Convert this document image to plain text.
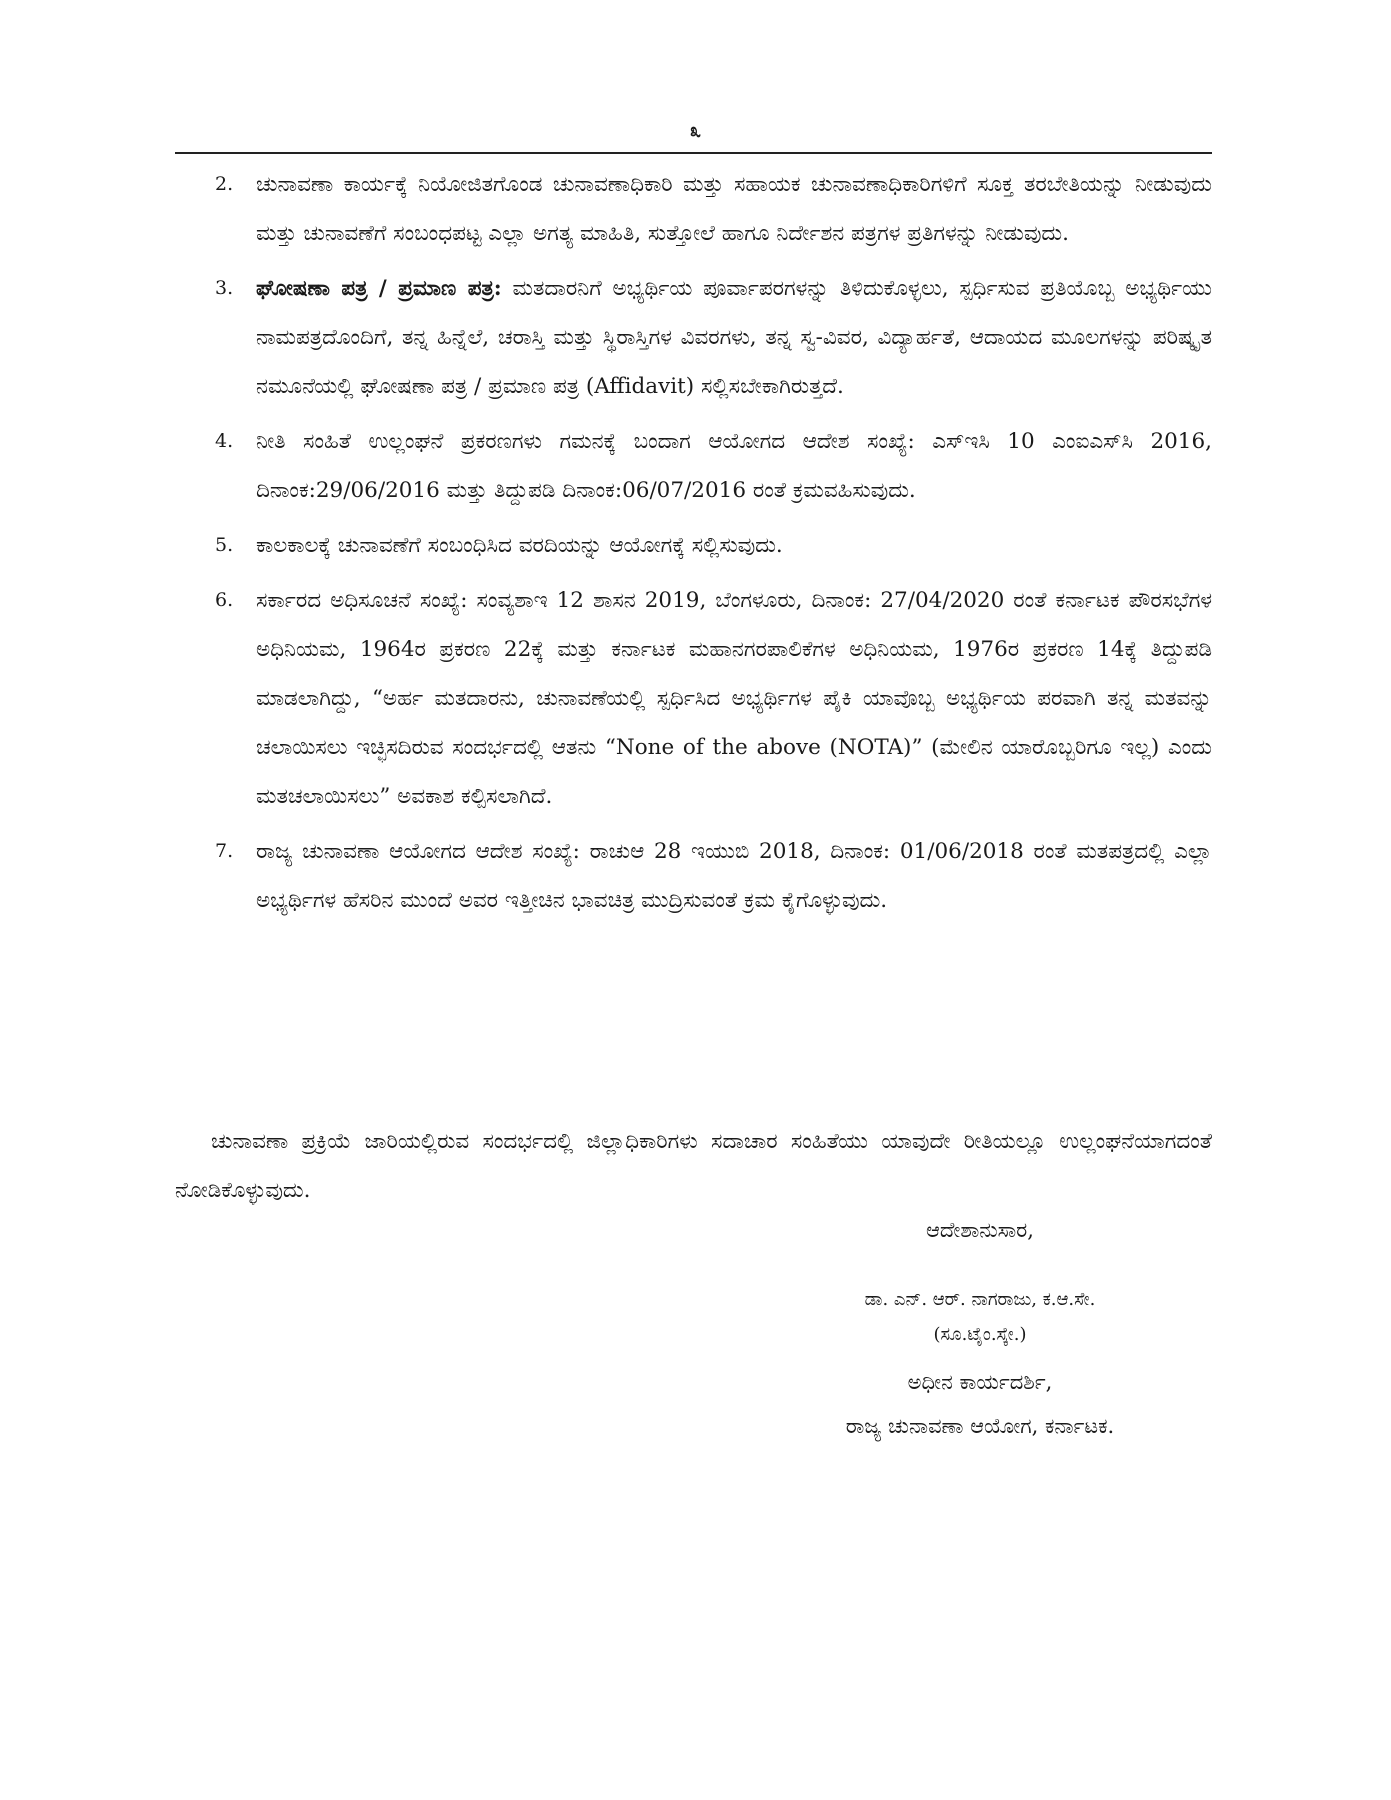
೩
2. ಚುನಾವಣಾ ಕಾರ್ಯಕ್ಕೆ ನಿಯೋಜಿತಗೊಂಡ ಚುನಾವಣಾಧಿಕಾರಿ ಮತ್ತು ಸಹಾಯಕ ಚುನಾವಣಾಧಿಕಾರಿಗಳಿಗೆ ಸೂಕ್ತ ತರಬೇತಿಯನ್ನು ನೀಡುವುದು ಮತ್ತು ಚುನಾವಣೆಗೆ ಸಂಬಂಧಪಟ್ಟ ಎಲ್ಲಾ ಅಗತ್ಯ ಮಾಹಿತಿ, ಸುತ್ತೋಲೆ ಹಾಗೂ ನಿರ್ದೇಶನ ಪತ್ರಗಳ ಪ್ರತಿಗಳನ್ನು ನೀಡುವುದು.
3. ಘೋಷಣಾ ಪತ್ರ / ಪ್ರಮಾಣ ಪತ್ರ: ಮತದಾರನಿಗೆ ಅಭ್ಯರ್ಥಿಯ ಪೂರ್ವಾಪರಗಳನ್ನು ತಿಳಿದುಕೊಳ್ಳಲು, ಸ್ಪರ್ಧಿಸುವ ಪ್ರತಿಯೊಬ್ಬ ಅಭ್ಯರ್ಥಿಯು ನಾಮಪತ್ರದೊಂದಿಗೆ, ತನ್ನ ಹಿನ್ನೆಲೆ, ಚರಾಸ್ತಿ ಮತ್ತು ಸ್ಥಿರಾಸ್ತಿಗಳ ವಿವರಗಳು, ತನ್ನ ಸ್ವ-ವಿವರ, ವಿದ್ಯಾರ್ಹತೆ, ಆದಾಯದ ಮೂಲಗಳನ್ನು ಪರಿಷ್ಕೃತ ನಮೂನೆಯಲ್ಲಿ ಘೋಷಣಾ ಪತ್ರ / ಪ್ರಮಾಣ ಪತ್ರ (Affidavit) ಸಲ್ಲಿಸಬೇಕಾಗಿರುತ್ತದೆ.
4. ನೀತಿ ಸಂಹಿತೆ ಉಲ್ಲಂಘನೆ ಪ್ರಕರಣಗಳು ಗಮನಕ್ಕೆ ಬಂದಾಗ ಆಯೋಗದ ಆದೇಶ ಸಂಖ್ಯೆ: ಎಸ್‌ಇಸಿ 10 ಎಂಐಎಸ್‌ಸಿ 2016, ದಿನಾಂಕ:29/06/2016 ಮತ್ತು ತಿದ್ದುಪಡಿ ದಿನಾಂಕ:06/07/2016 ರಂತೆ ಕ್ರಮವಹಿಸುವುದು.
5. ಕಾಲಕಾಲಕ್ಕೆ ಚುನಾವಣೆಗೆ ಸಂಬಂಧಿಸಿದ ವರದಿಯನ್ನು ಆಯೋಗಕ್ಕೆ ಸಲ್ಲಿಸುವುದು.
6. ಸರ್ಕಾರದ ಅಧಿಸೂಚನೆ ಸಂಖ್ಯೆ: ಸಂವ್ಯಶಾಇ 12 ಶಾಸನ 2019, ಬೆಂಗಳೂರು, ದಿನಾಂಕ: 27/04/2020 ರಂತೆ ಕರ್ನಾಟಕ ಪೌರಸಭೆಗಳ ಅಧಿನಿಯಮ, 1964ರ ಪ್ರಕರಣ 22ಕ್ಕೆ ಮತ್ತು ಕರ್ನಾಟಕ ಮಹಾನಗರಪಾಲಿಕೆಗಳ ಅಧಿನಿಯಮ, 1976ರ ಪ್ರಕರಣ 14ಕ್ಕೆ ತಿದ್ದುಪಡಿ ಮಾಡಲಾಗಿದ್ದು, “ಅರ್ಹ ಮತದಾರನು, ಚುನಾವಣೆಯಲ್ಲಿ ಸ್ಪರ್ಧಿಸಿದ ಅಭ್ಯರ್ಥಿಗಳ ಪೈಕಿ ಯಾವೊಬ್ಬ ಅಭ್ಯರ್ಥಿಯ ಪರವಾಗಿ ತನ್ನ ಮತವನ್ನು ಚಲಾಯಿಸಲು ಇಚ್ಛಿಸದಿರುವ ಸಂದರ್ಭದಲ್ಲಿ ಆತನು “None of the above (NOTA)” (ಮೇಲಿನ ಯಾರೊಬ್ಬರಿಗೂ ಇಲ್ಲ) ಎಂದು ಮತಚಲಾಯಿಸಲು” ಅವಕಾಶ ಕಲ್ಪಿಸಲಾಗಿದೆ.
7. ರಾಜ್ಯ ಚುನಾವಣಾ ಆಯೋಗದ ಆದೇಶ ಸಂಖ್ಯೆ: ರಾಚುಆ 28 ಇಯುಬಿ 2018, ದಿನಾಂಕ: 01/06/2018 ರಂತೆ ಮತಪತ್ರದಲ್ಲಿ ಎಲ್ಲಾ ಅಭ್ಯರ್ಥಿಗಳ ಹೆಸರಿನ ಮುಂದೆ ಅವರ ಇತ್ತೀಚಿನ ಭಾವಚಿತ್ರ ಮುದ್ರಿಸುವಂತೆ ಕ್ರಮ ಕೈಗೊಳ್ಳುವುದು.
ಚುನಾವಣಾ ಪ್ರಕ್ರಿಯೆ ಜಾರಿಯಲ್ಲಿರುವ ಸಂದರ್ಭದಲ್ಲಿ ಜಿಲ್ಲಾಧಿಕಾರಿಗಳು ಸದಾಚಾರ ಸಂಹಿತೆಯು ಯಾವುದೇ ರೀತಿಯಲ್ಲೂ ಉಲ್ಲಂಘನೆಯಾಗದಂತೆ ನೋಡಿಕೊಳ್ಳುವುದು.
ಆದೇಶಾನುಸಾರ,
ಡಾ. ಎನ್. ಆರ್. ನಾಗರಾಜು, ಕ.ಆ.ಸೇ.
(ಸೂ.ಟೈಂ.ಸ್ಕೇ.)
ಅಧೀನ ಕಾರ್ಯದರ್ಶಿ,
ರಾಜ್ಯ ಚುನಾವಣಾ ಆಯೋಗ, ಕರ್ನಾಟಕ.
